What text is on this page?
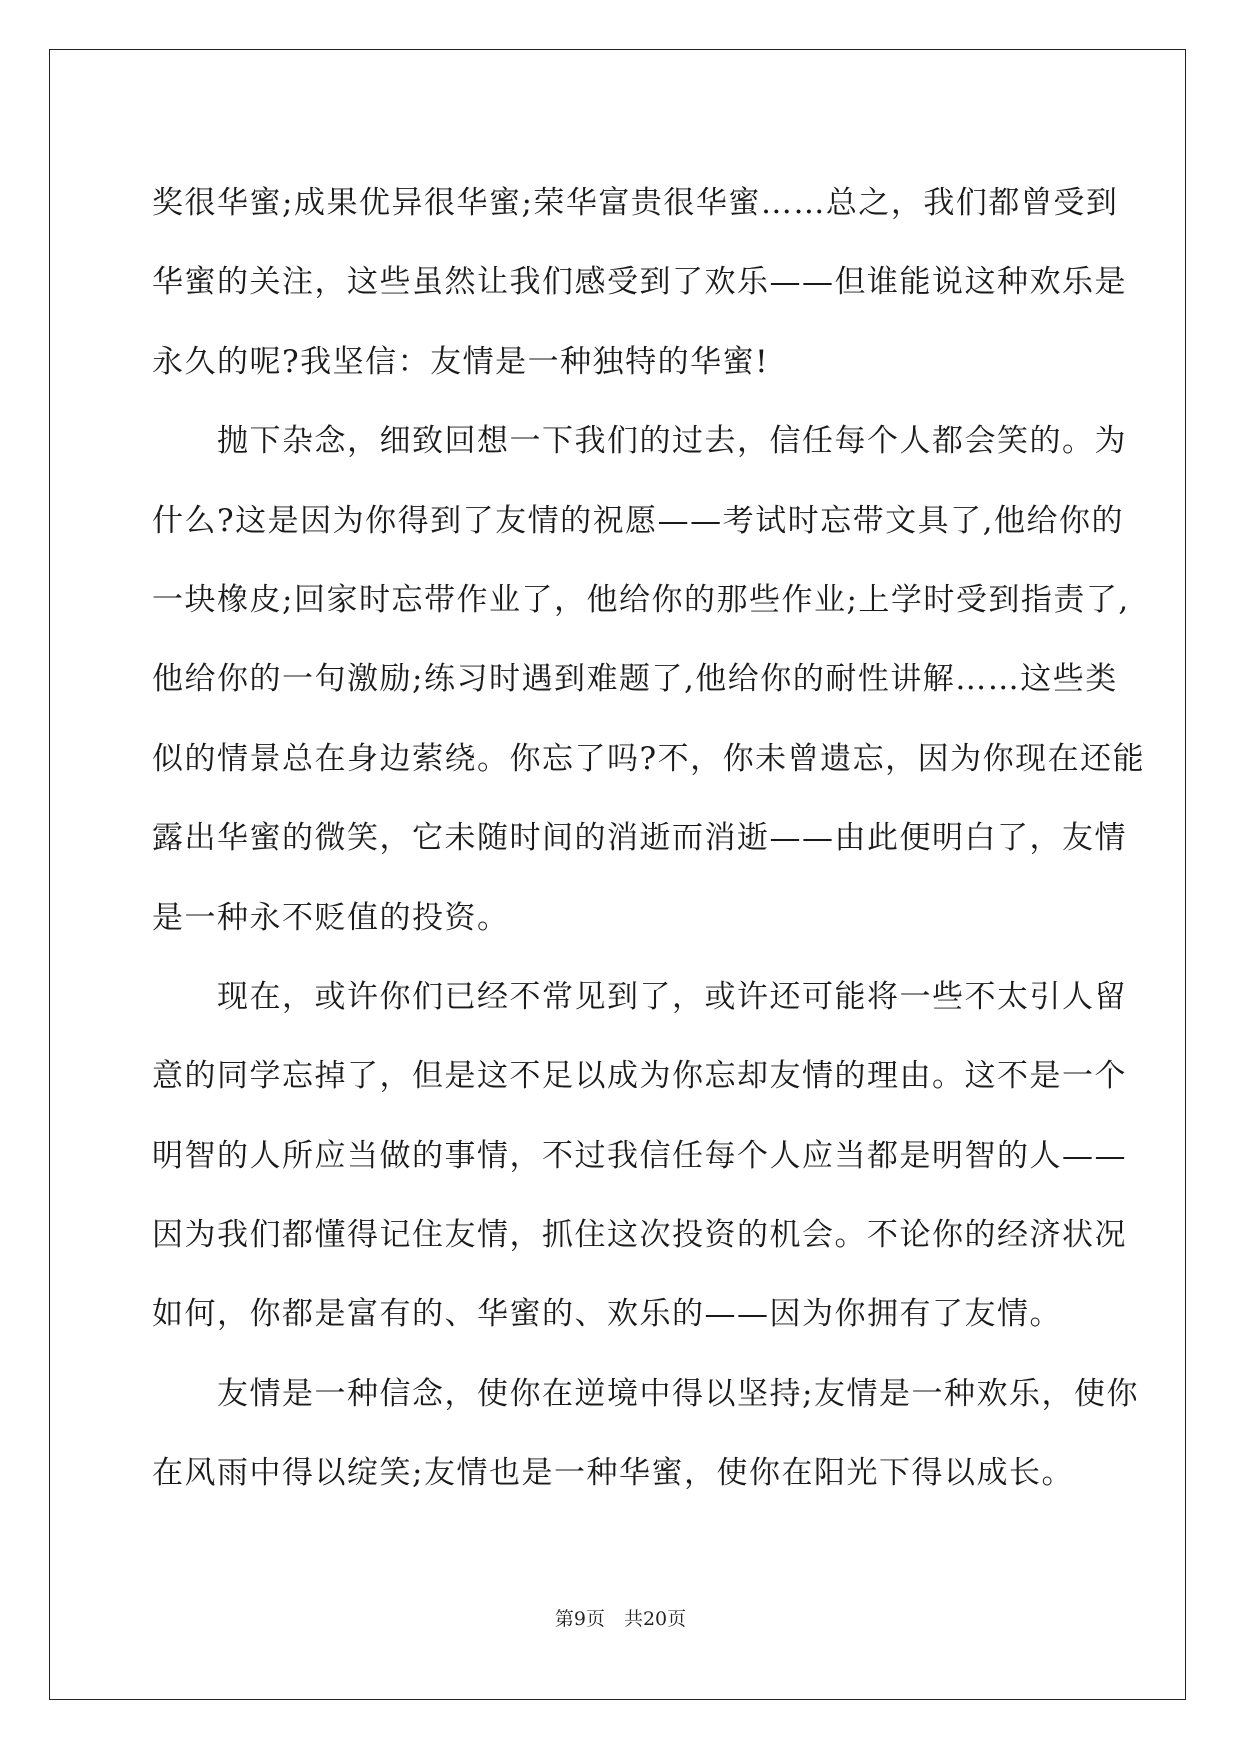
奖很华蜜;成果优异很华蜜;荣华富贵很华蜜……总之，我们都曾受到
华蜜的关注，这些虽然让我们感受到了欢乐——但谁能说这种欢乐是
永久的呢?我坚信：友情是一种独特的华蜜!
　　抛下杂念，细致回想一下我们的过去，信任每个人都会笑的。为
什么?这是因为你得到了友情的祝愿——考试时忘带文具了,他给你的
一块橡皮;回家时忘带作业了，他给你的那些作业;上学时受到指责了,
他给你的一句激励;练习时遇到难题了,他给你的耐性讲解……这些类
似的情景总在身边萦绕。你忘了吗?不，你未曾遗忘，因为你现在还能
露出华蜜的微笑，它未随时间的消逝而消逝——由此便明白了，友情
是一种永不贬值的投资。
　　现在，或许你们已经不常见到了，或许还可能将一些不太引人留
意的同学忘掉了，但是这不足以成为你忘却友情的理由。这不是一个
明智的人所应当做的事情，不过我信任每个人应当都是明智的人——
因为我们都懂得记住友情，抓住这次投资的机会。不论你的经济状况
如何，你都是富有的、华蜜的、欢乐的——因为你拥有了友情。
　　友情是一种信念，使你在逆境中得以坚持;友情是一种欢乐，使你
在风雨中得以绽笑;友情也是一种华蜜，使你在阳光下得以成长。
第9页　共20页
